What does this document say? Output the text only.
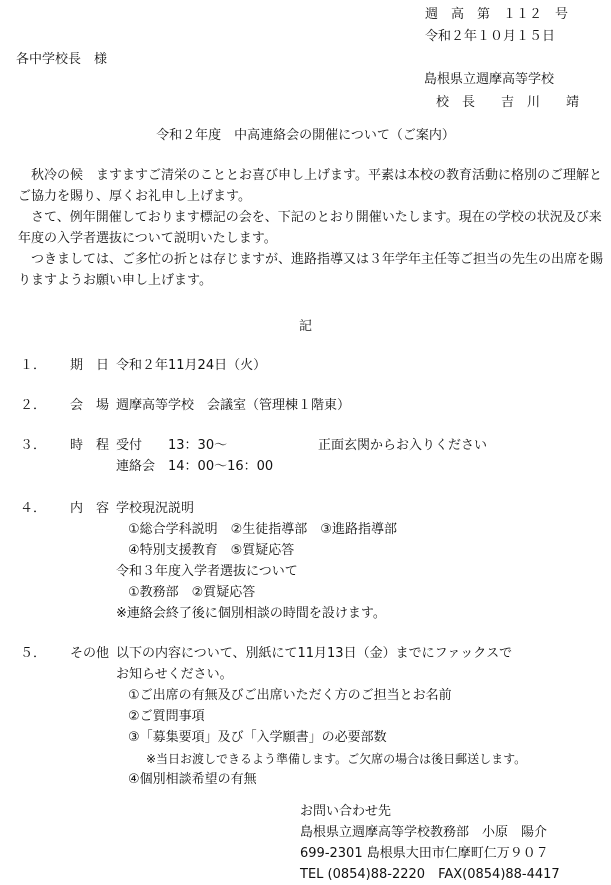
週　高　第　１１２　号
令和２年１０月１５日
各中学校長　様
島根県立週摩高等学校
校　長　　吉　川　　靖
令和２年度　中高連絡会の開催について（ご案内）

秋冷の候　ますますご清栄のこととお喜び申し上げます。平素は本校の教育活動に格別のご理解とご協力を賜り、厚くお礼申し上げます。

さて、例年開催しております標記の会を、下記のとおり開催いたします。現在の学校の状況及び来年度の入学者選抜について説明いたします。

つきましては、ご多忙の折とは存じますが、進路指導又は３年学年主任等ご担当の先生の出席を賜りますようお願い申し上げます。

記
１． 期　日 令和２年11月24日（火）
２． 会　場 週摩高等学校　会議室（管理棟１階東）
３． 時　程 受付　　13：30～	正面玄関からお入りください
連絡会　14：00～16：00
４． 内　容 学校現況説明
①総合学科説明　②生徒指導部　③進路指導部
④特別支援教育　⑤質疑応答
令和３年度入学者選抜について
①教務部　②質疑応答
※連絡会終了後に個別相談の時間を設けます。
５． その他 以下の内容について、別紙にて11月13日（金）までにファックスで
お知らせください。
①ご出席の有無及びご出席いただく方のご担当とお名前
②ご質問事項
③「募集要項」及び「入学願書」の必要部数
※当日お渡しできるよう準備します。ご欠席の場合は後日郵送します。
④個別相談希望の有無
お問い合わせ先
島根県立週摩高等学校教務部　小原　陽介
699-2301 島根県大田市仁摩町仁万９０７
TEL (0854)88-2220　FAX(0854)88-4417
